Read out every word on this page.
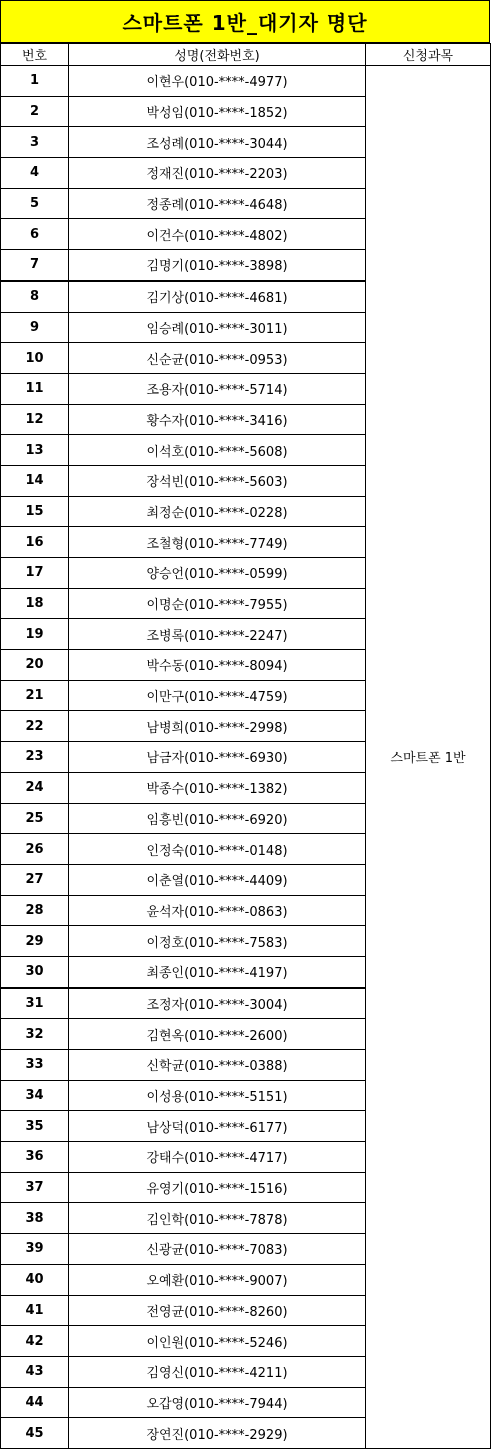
스마트폰 1반_대기자 명단
번호	성명(전화번호)	신청과목
1	이현우(010-****-4977)	스마트폰 1반
2	박성임(010-****-1852)	
3	조성례(010-****-3044)	
4	정재진(010-****-2203)	
5	정종례(010-****-4648)	
6	이건수(010-****-4802)	
7	김명기(010-****-3898)	
8	김기상(010-****-4681)	
9	임승례(010-****-3011)	
10	신순균(010-****-0953)	
11	조용자(010-****-5714)	
12	황수자(010-****-3416)	
13	이석호(010-****-5608)	
14	장석빈(010-****-5603)	
15	최정순(010-****-0228)	
16	조철형(010-****-7749)	
17	양승언(010-****-0599)	
18	이명순(010-****-7955)	
19	조병록(010-****-2247)	
20	박수동(010-****-8094)	
21	이만구(010-****-4759)	
22	남병희(010-****-2998)	
23	남금자(010-****-6930)	
24	박종수(010-****-1382)	
25	임흥빈(010-****-6920)	
26	인정숙(010-****-0148)	
27	이춘열(010-****-4409)	
28	윤석자(010-****-0863)	
29	이정호(010-****-7583)	
30	최종인(010-****-4197)	
31	조정자(010-****-3004)	
32	김현옥(010-****-2600)	
33	신학균(010-****-0388)	
34	이성용(010-****-5151)	
35	남상덕(010-****-6177)	
36	강태수(010-****-4717)	
37	유영기(010-****-1516)	
38	김인학(010-****-7878)	
39	신광균(010-****-7083)	
40	오예환(010-****-9007)	
41	전영균(010-****-8260)	
42	이인원(010-****-5246)	
43	김영신(010-****-4211)	
44	오갑영(010-****-7944)	
45	장연진(010-****-2929)	
